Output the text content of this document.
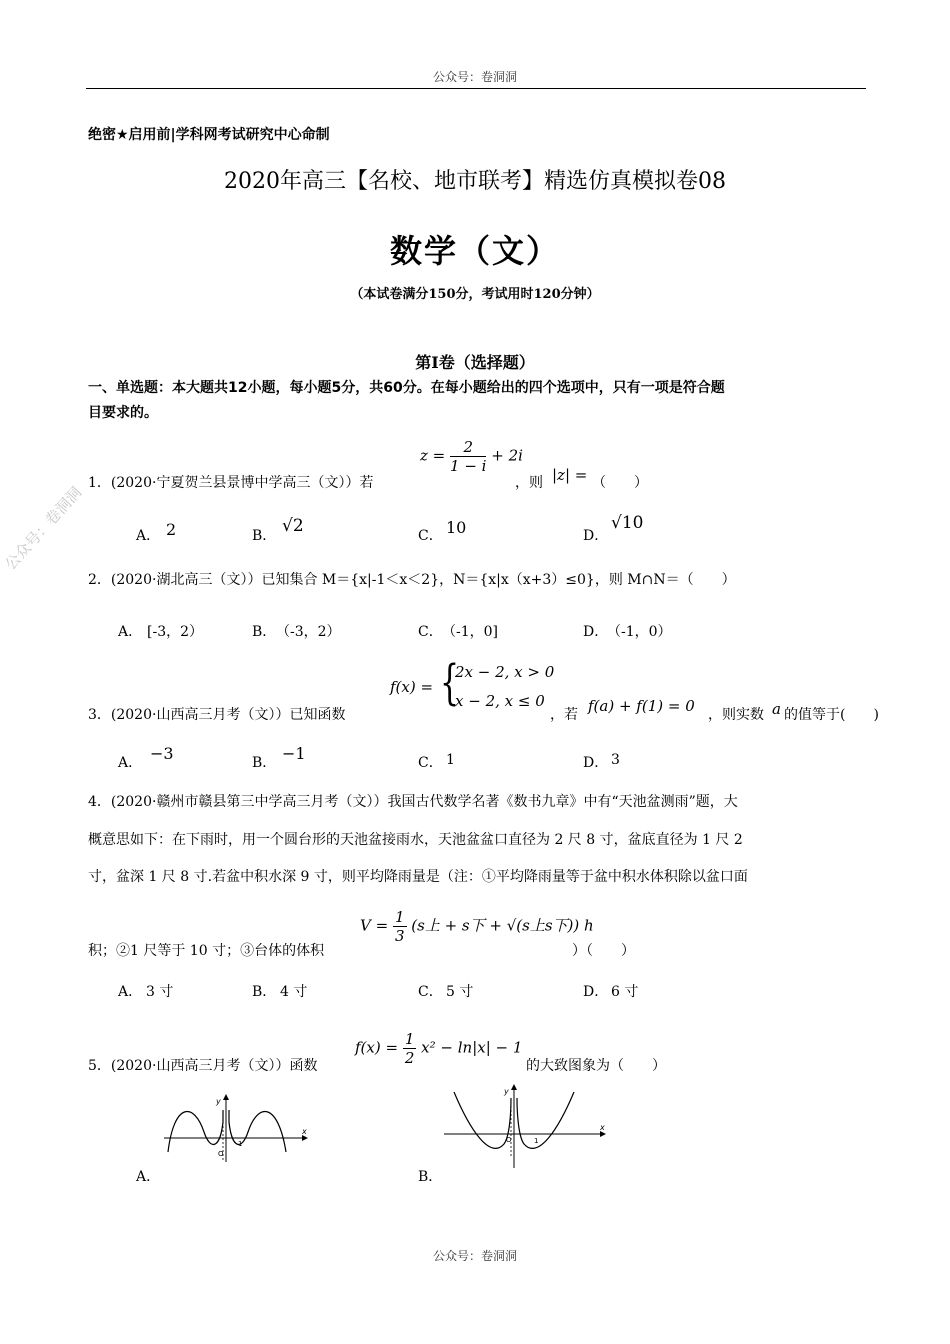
公众号：卷洞洞
公众号：卷洞洞
绝密★启用前|学科网考试研究中心命制
2020年高三【名校、地市联考】精选仿真模拟卷08
数学（文）
（本试卷满分150分，考试用时120分钟）
第Ⅰ卷（选择题）
一、单选题：本大题共12小题，每小题5分，共60分。在每小题给出的四个选项中，只有一项是符合题
目要求的。
1．(2020·宁夏贺兰县景博中学高三（文））若
$z = \frac{2}{1 - i} + 2i$
，则 |z| = （　　）
A． 2	B． √2	C． 10	D．
√10
2．(2020·湖北高三（文））已知集合 M＝{x|-1＜x＜2}，N＝{x|x（x+3）≤0}，则 M∩N＝（　　）
A． [-3，2）	B． （-3，2）	C． （-1，0]	D．
（-1，0）
3．(2020·山西高三月考（文））已知函数
f(x) = {
2x − 2, x > 0
x − 2, x ≤ 0
，若 f(a) + f(1) = 0 ，则实数 a 的值等于(　　)
A． −3	B． −1	C． 1	D． 3
4．(2020·赣州市赣县第三中学高三月考（文））我国古代数学名著《数书九章》中有“天池盆测雨”题，大
概意思如下：在下雨时，用一个圆台形的天池盆接雨水，天池盆盆口直径为 2 尺 8 寸，盆底直径为 1 尺 2
寸，盆深 1 尺 8 寸.若盆中积水深 9 寸，则平均降雨量是（注：①平均降雨量等于盆中积水体积除以盆口面
积；②1 尺等于 10 寸；③台体的体积
$V = \frac{1}{3} (s$上 + s下 + √(s上s下)) h
）（　　）
A． 3 寸	B． 4 寸	C． 5 寸	D． 6 寸
5．(2020·山西高三月考（文））函数
$f(x) = \frac{1}{2} x^2 - \ln|x| - 1$
的大致图象为（　　）
x
y
1
O
A．
x
y
1
O
B．
公众号：卷洞洞
